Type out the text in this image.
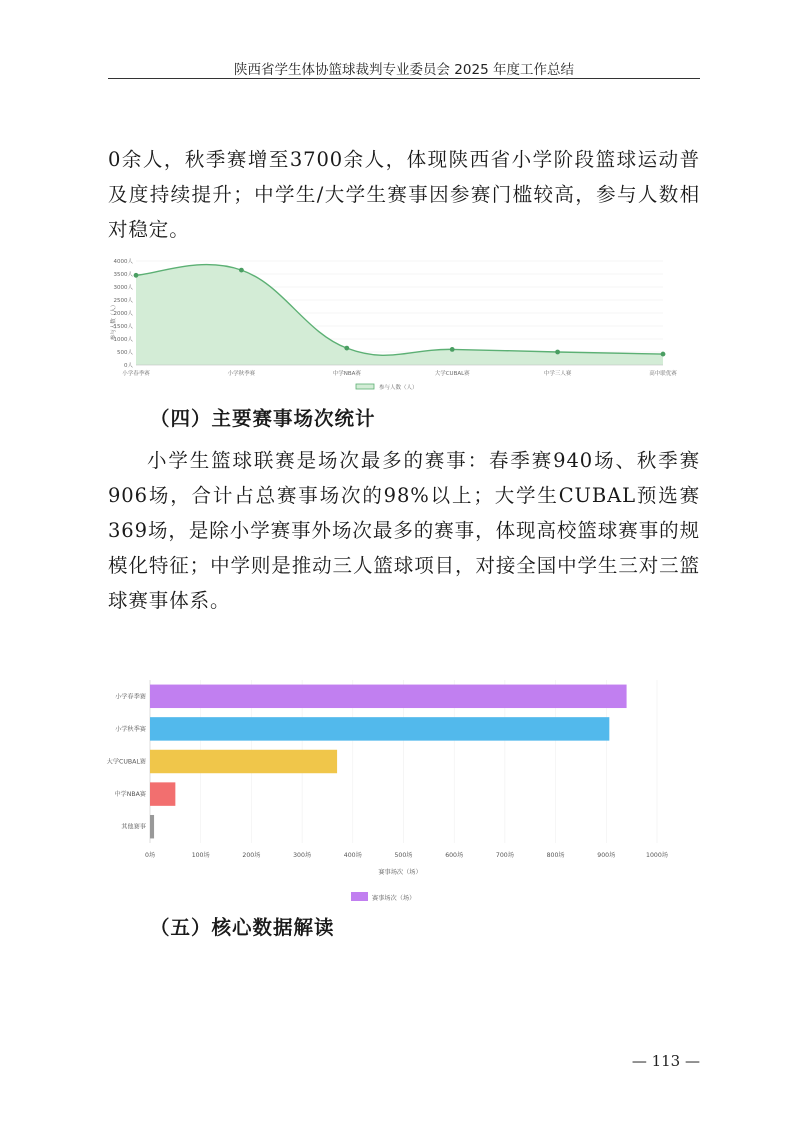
陕西省学生体协篮球裁判专业委员会 2025 年度工作总结

0余人，秋季赛增至3700余人，体现陕西省小学阶段篮球运动普及度持续提升；中学生/大学生赛事因参赛门槛较高，参与人数相对稳定。

0人
500人
1000人
1500人
2000人
2500人
3000人
3500人
4000人
小学春季赛	小学秋季赛	中学NBA赛	大学CUBAL赛	中学三人赛	高中联优赛
参与人数（人）
参与人数（人）
（四）主要赛事场次统计

小学生篮球联赛是场次最多的赛事：春季赛940场、秋季赛906场，合计占总赛事场次的98%以上；大学生CUBAL预选赛369场，是除小学赛事外场次最多的赛事，体现高校篮球赛事的规模化特征；中学则是推动三人篮球项目，对接全国中学生三对三篮球赛事体系。

小学春季赛
小学秋季赛
大学CUBAL赛
中学NBA赛
其他赛事
0场	100场	200场	300场	400场	500场	600场	700场	800场	900场	1000场
赛事场次（场）
赛事场次（场）
（五）核心数据解读
— 113 —
